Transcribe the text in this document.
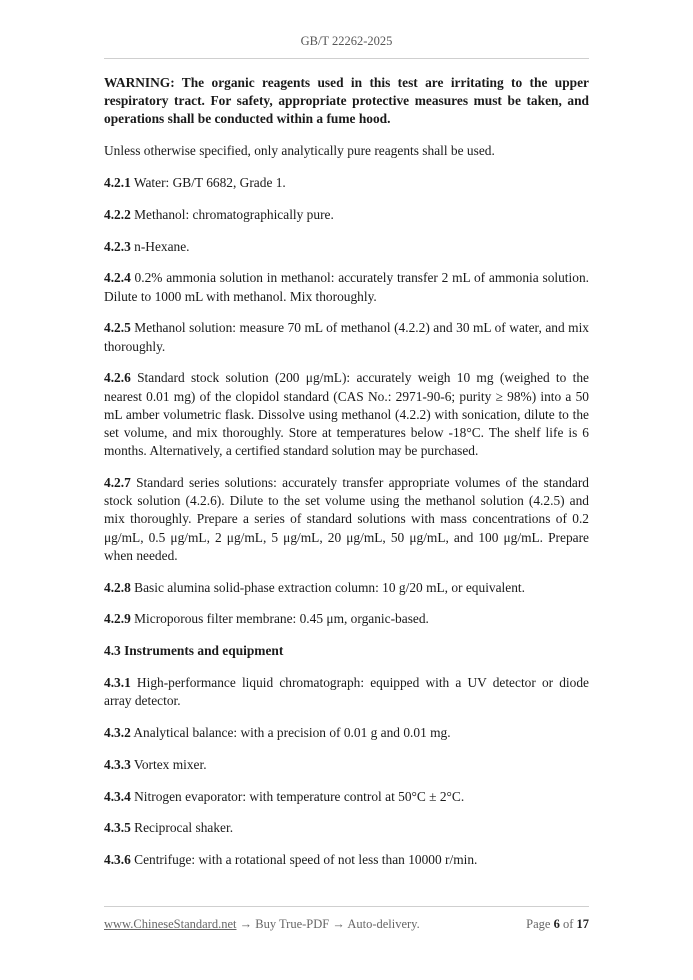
GB/T 22262-2025

WARNING: The organic reagents used in this test are irritating to the upper respiratory tract. For safety, appropriate protective measures must be taken, and operations shall be conducted within a fume hood.

Unless otherwise specified, only analytically pure reagents shall be used.

4.2.1 Water: GB/T 6682, Grade 1.

4.2.2 Methanol: chromatographically pure.

4.2.3 n-Hexane.

4.2.4 0.2% ammonia solution in methanol: accurately transfer 2 mL of ammonia solution. Dilute to 1000 mL with methanol. Mix thoroughly.

4.2.5 Methanol solution: measure 70 mL of methanol (4.2.2) and 30 mL of water, and mix thoroughly.

4.2.6 Standard stock solution (200 μg/mL): accurately weigh 10 mg (weighed to the nearest 0.01 mg) of the clopidol standard (CAS No.: 2971-90-6; purity ≥ 98%) into a 50 mL amber volumetric flask. Dissolve using methanol (4.2.2) with sonication, dilute to the set volume, and mix thoroughly. Store at temperatures below -18°C. The shelf life is 6 months. Alternatively, a certified standard solution may be purchased.

4.2.7 Standard series solutions: accurately transfer appropriate volumes of the standard stock solution (4.2.6). Dilute to the set volume using the methanol solution (4.2.5) and mix thoroughly. Prepare a series of standard solutions with mass concentrations of 0.2 μg/mL, 0.5 μg/mL, 2 μg/mL, 5 μg/mL, 20 μg/mL, 50 μg/mL, and 100 μg/mL. Prepare when needed.

4.2.8 Basic alumina solid-phase extraction column: 10 g/20 mL, or equivalent.

4.2.9 Microporous filter membrane: 0.45 μm, organic-based.

4.3 Instruments and equipment

4.3.1 High-performance liquid chromatograph: equipped with a UV detector or diode array detector.

4.3.2 Analytical balance: with a precision of 0.01 g and 0.01 mg.

4.3.3 Vortex mixer.

4.3.4 Nitrogen evaporator: with temperature control at 50°C ± 2°C.

4.3.5 Reciprocal shaker.

4.3.6 Centrifuge: with a rotational speed of not less than 10000 r/min.

www.ChineseStandard.net → Buy True-PDF → Auto-delivery.	Page 6 of 17
